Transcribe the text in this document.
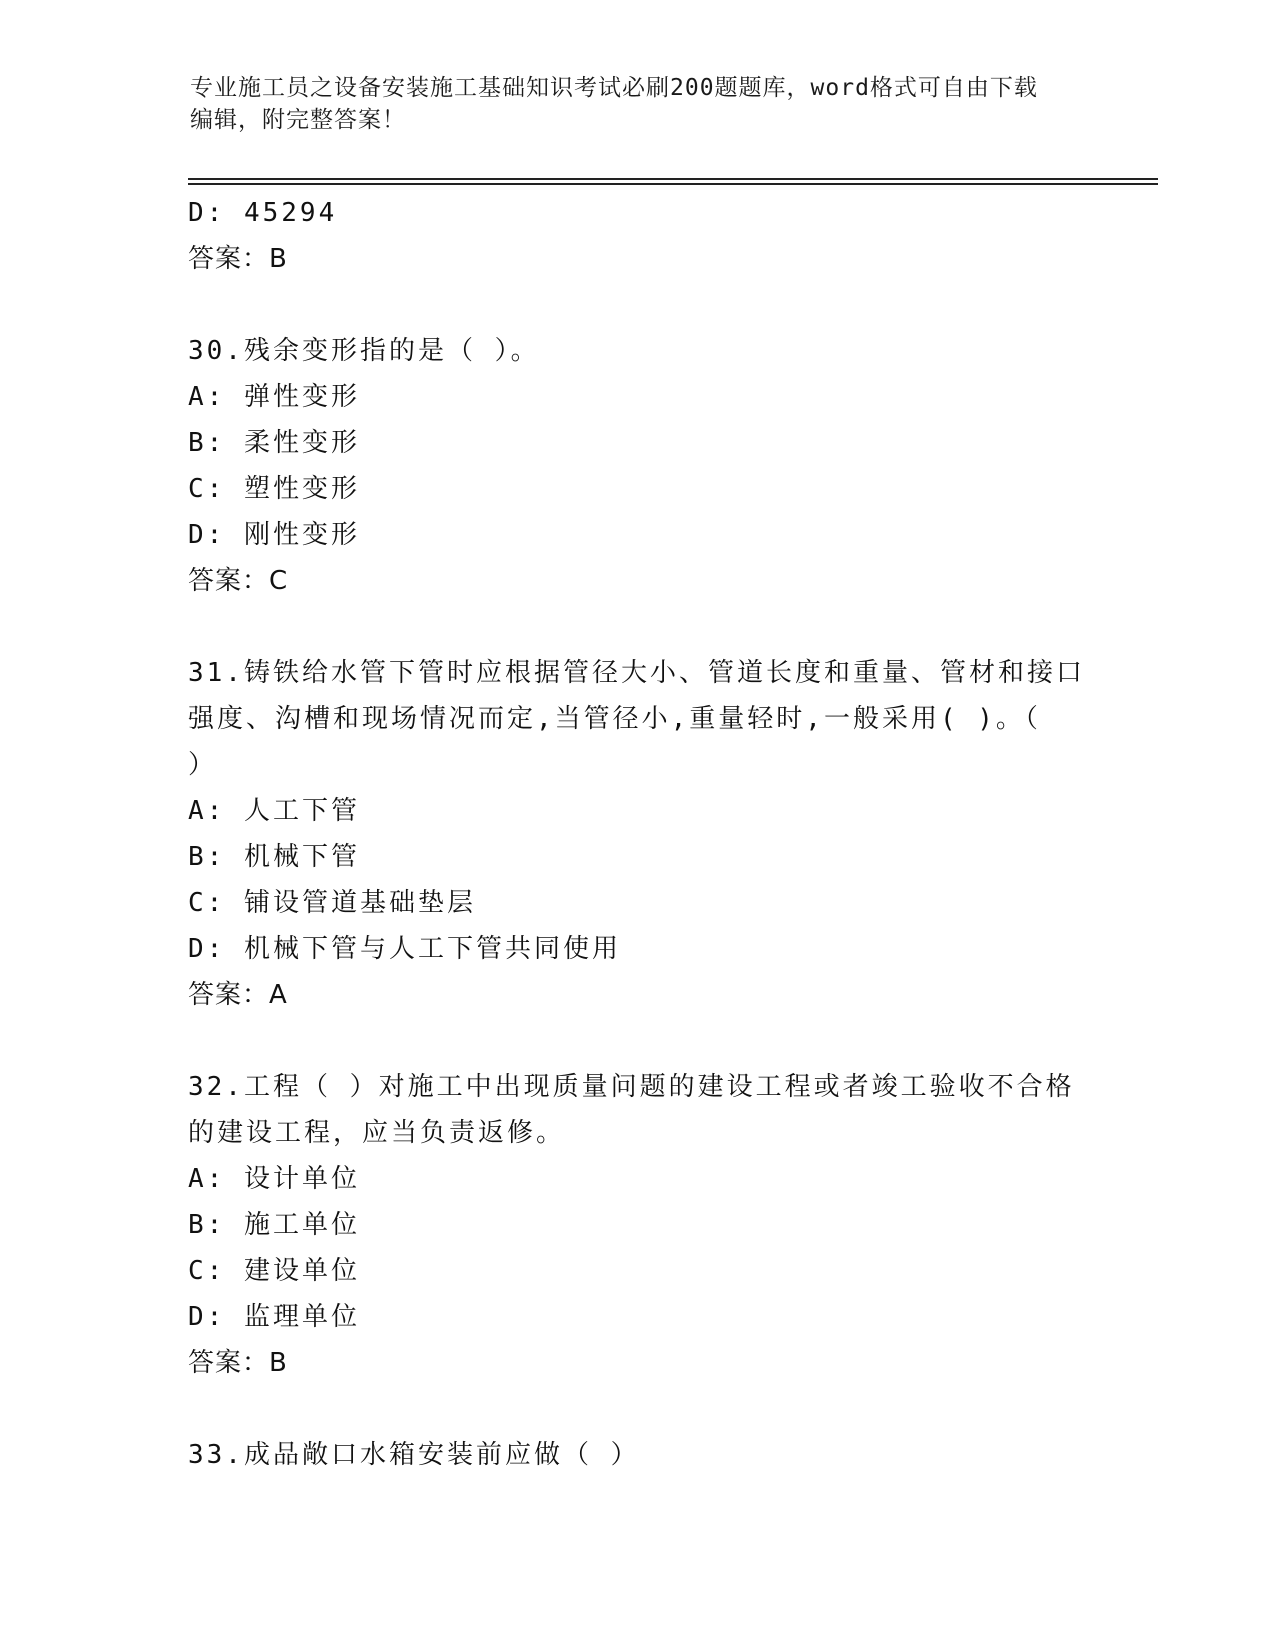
专业施工员之设备安装施工基础知识考试必刷200题题库，word格式可自由下载
编辑，附完整答案！
D: 45294
答案：B
30.残余变形指的是（ ）。
A: 弹性变形
B: 柔性变形
C: 塑性变形
D: 刚性变形
答案：C
31.铸铁给水管下管时应根据管径大小、管道长度和重量、管材和接口
强度、沟槽和现场情况而定,当管径小,重量轻时,一般采用( )。（
）
A: 人工下管
B: 机械下管
C: 铺设管道基础垫层
D: 机械下管与人工下管共同使用
答案：A
32.工程（ ）对施工中出现质量问题的建设工程或者竣工验收不合格
的建设工程，应当负责返修。
A: 设计单位
B: 施工单位
C: 建设单位
D: 监理单位
答案：B
33.成品敞口水箱安装前应做（ ）
